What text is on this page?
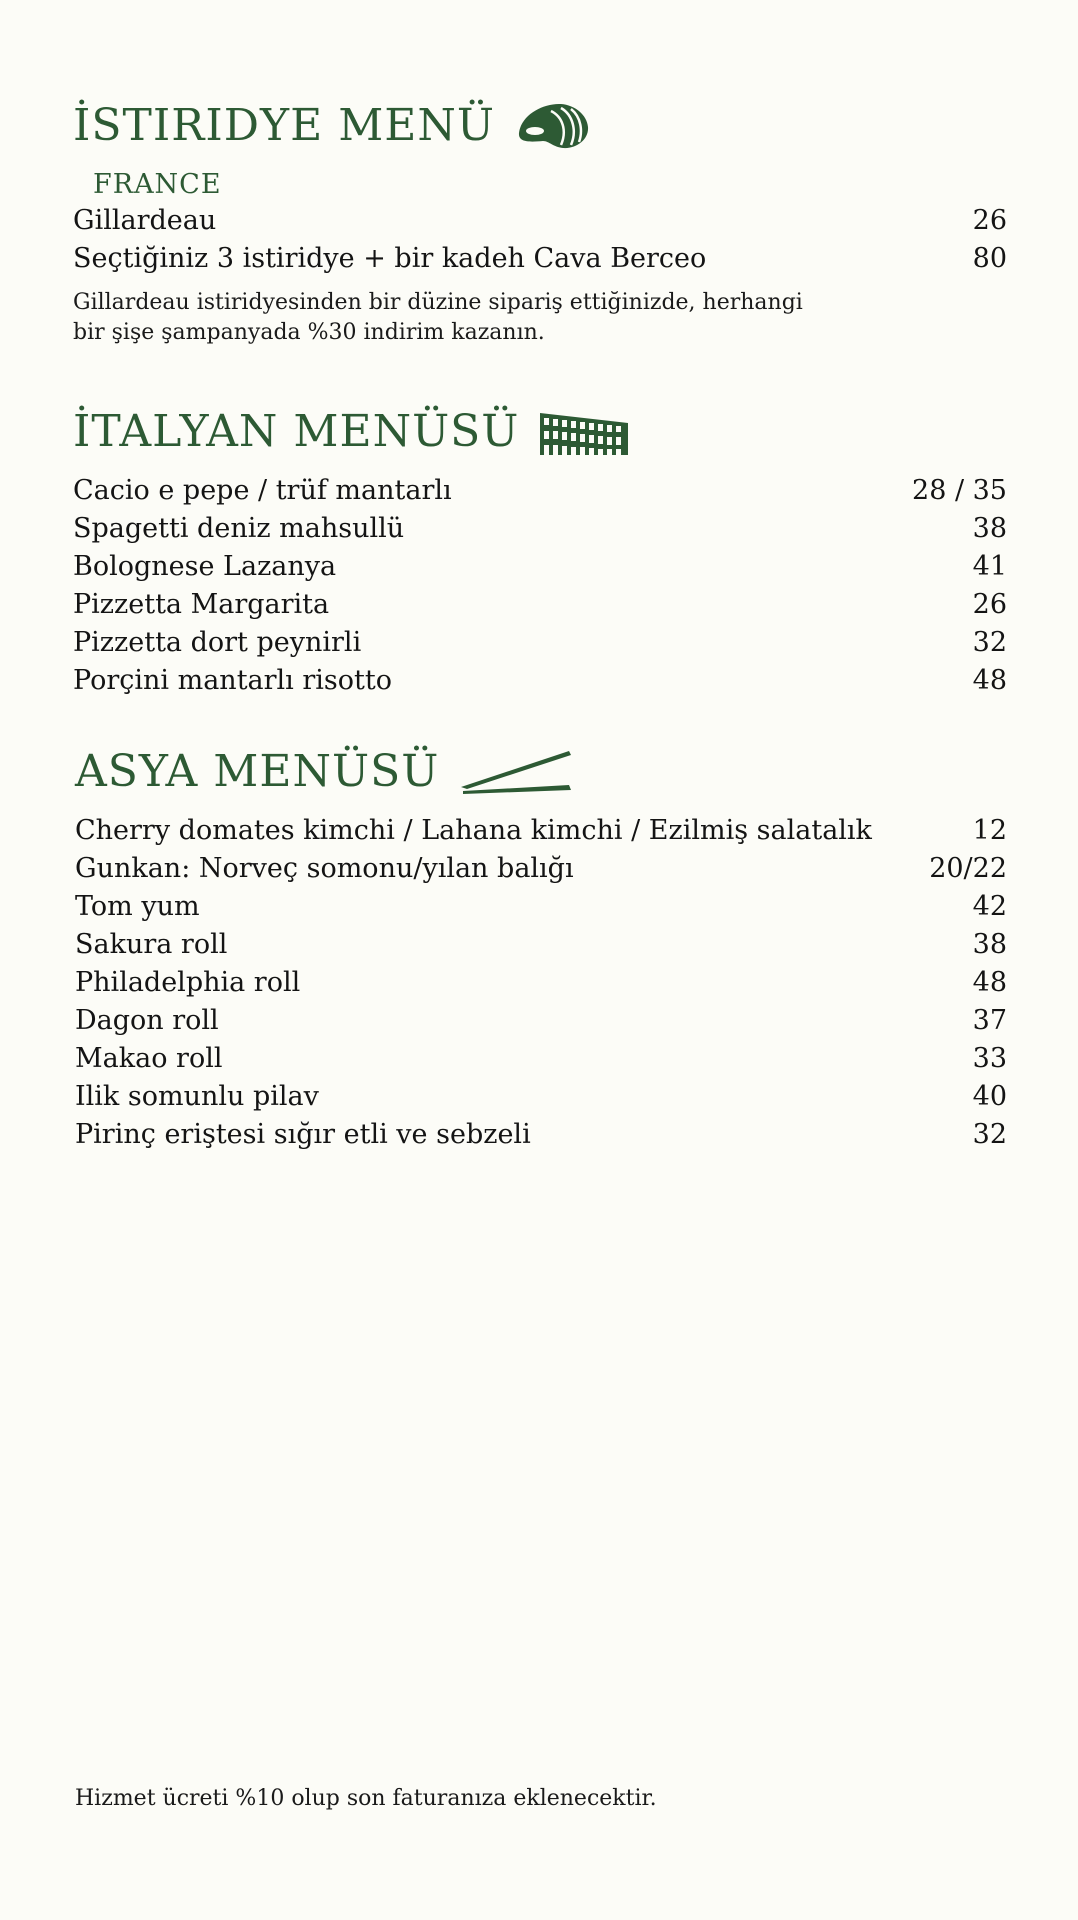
İSTIRIDYE MENÜ
FRANCE
Gillardeau	26
Seçtiğiniz 3 istiridye + bir kadeh Cava Berceo	80
Gillardeau istiridyesinden bir düzine sipariş ettiğinizde, herhangi bir şişe şampanyada %30 indirim kazanın.
İTALYAN MENÜSÜ
Cacio e pepe / trüf mantarlı	28 / 35
Spagetti deniz mahsullü	38
Bolognese Lazanya	41
Pizzetta Margarita	26
Pizzetta dort peynirli	32
Porçini mantarlı risotto	48
ASYA MENÜSÜ
Cherry domates kimchi / Lahana kimchi / Ezilmiş salatalık	12
Gunkan: Norveç somonu/yılan balığı	20/22
Tom yum	42
Sakura roll	38
Philadelphia roll	48
Dagon roll	37
Makao roll	33
Ilik somunlu pilav	40
Pirinç eriştesi sığır etli ve sebzeli	32
Hizmet ücreti %10 olup son faturanıza eklenecektir.
